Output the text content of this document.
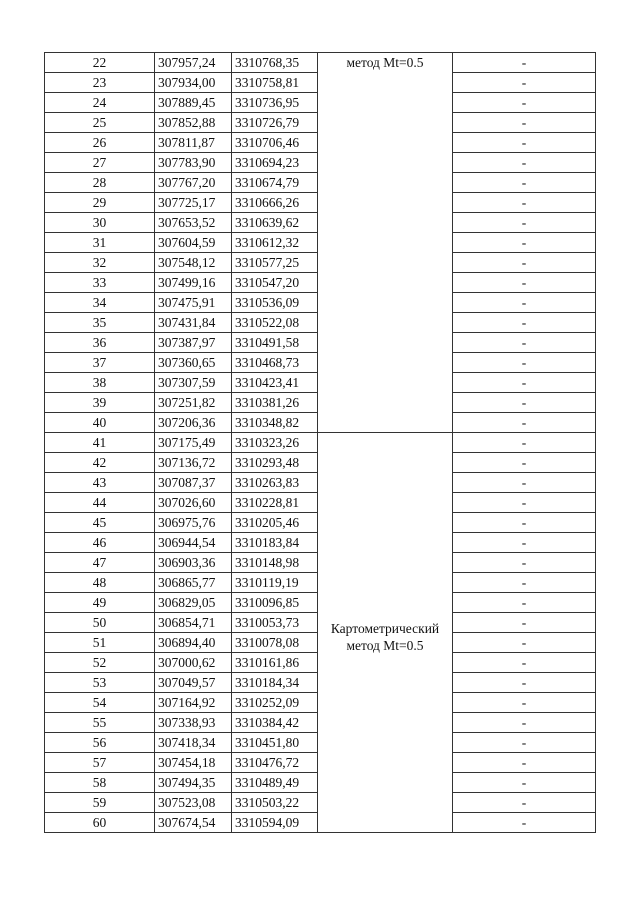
22	307957,24	3310768,35	метод Mt=0.5	-
23	307934,00	3310758,81		-
24	307889,45	3310736,95		-
25	307852,88	3310726,79		-
26	307811,87	3310706,46		-
27	307783,90	3310694,23		-
28	307767,20	3310674,79		-
29	307725,17	3310666,26		-
30	307653,52	3310639,62		-
31	307604,59	3310612,32		-
32	307548,12	3310577,25		-
33	307499,16	3310547,20		-
34	307475,91	3310536,09		-
35	307431,84	3310522,08		-
36	307387,97	3310491,58		-
37	307360,65	3310468,73		-
38	307307,59	3310423,41		-
39	307251,82	3310381,26		-
40	307206,36	3310348,82		-
41	307175,49	3310323,26	Картометрический
метод Mt=0.5	-
42	307136,72	3310293,48		-
43	307087,37	3310263,83		-
44	307026,60	3310228,81		-
45	306975,76	3310205,46		-
46	306944,54	3310183,84		-
47	306903,36	3310148,98		-
48	306865,77	3310119,19		-
49	306829,05	3310096,85		-
50	306854,71	3310053,73		-
51	306894,40	3310078,08		-
52	307000,62	3310161,86		-
53	307049,57	3310184,34		-
54	307164,92	3310252,09		-
55	307338,93	3310384,42		-
56	307418,34	3310451,80		-
57	307454,18	3310476,72		-
58	307494,35	3310489,49		-
59	307523,08	3310503,22		-
60	307674,54	3310594,09		-
